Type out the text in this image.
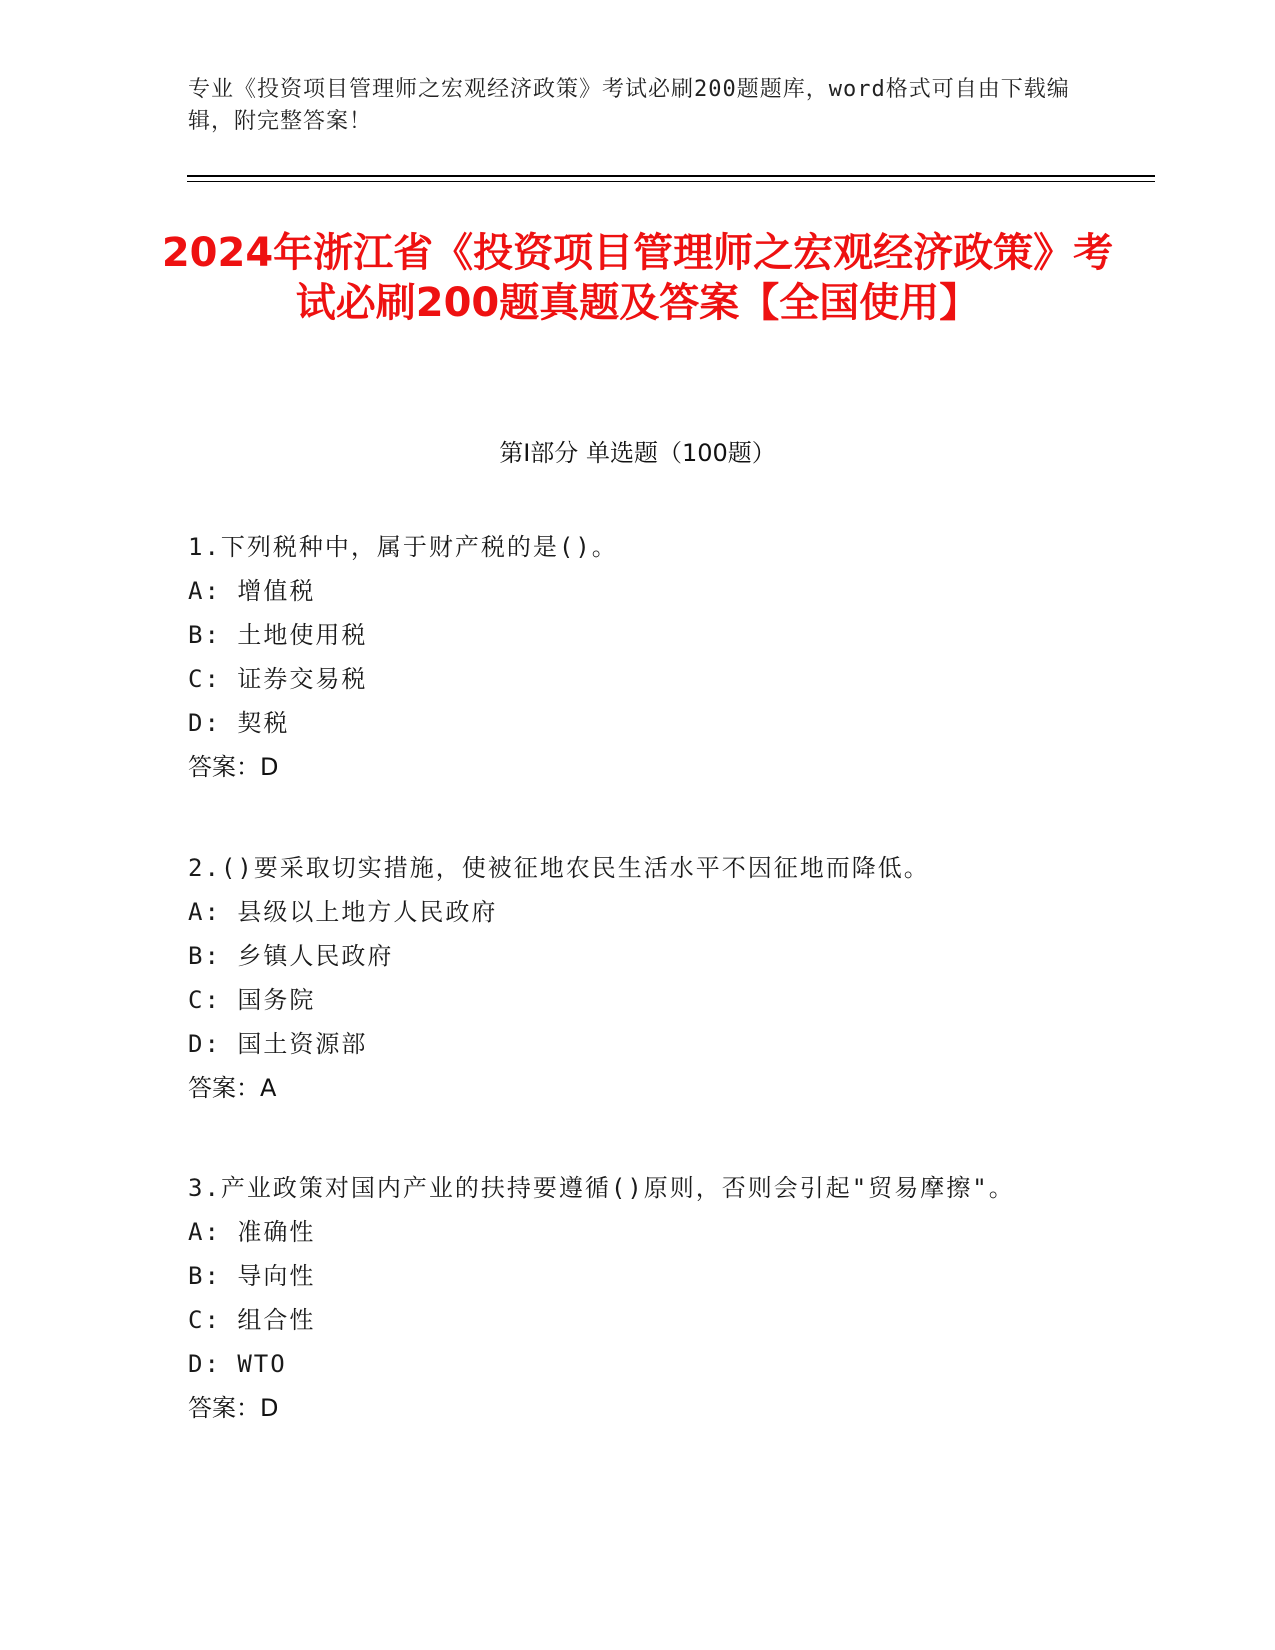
专业《投资项目管理师之宏观经济政策》考试必刷200题题库，word格式可自由下载编辑，附完整答案！
2024年浙江省《投资项目管理师之宏观经济政策》考试必刷200题真题及答案【全国使用】
第I部分 单选题（100题）
1.下列税种中，属于财产税的是()。
A: 增值税
B: 土地使用税
C: 证券交易税
D: 契税
答案：D
2.()要采取切实措施，使被征地农民生活水平不因征地而降低。
A: 县级以上地方人民政府
B: 乡镇人民政府
C: 国务院
D: 国土资源部
答案：A
3.产业政策对国内产业的扶持要遵循()原则，否则会引起"贸易摩擦"。
A: 准确性
B: 导向性
C: 组合性
D: WTO
答案：D
